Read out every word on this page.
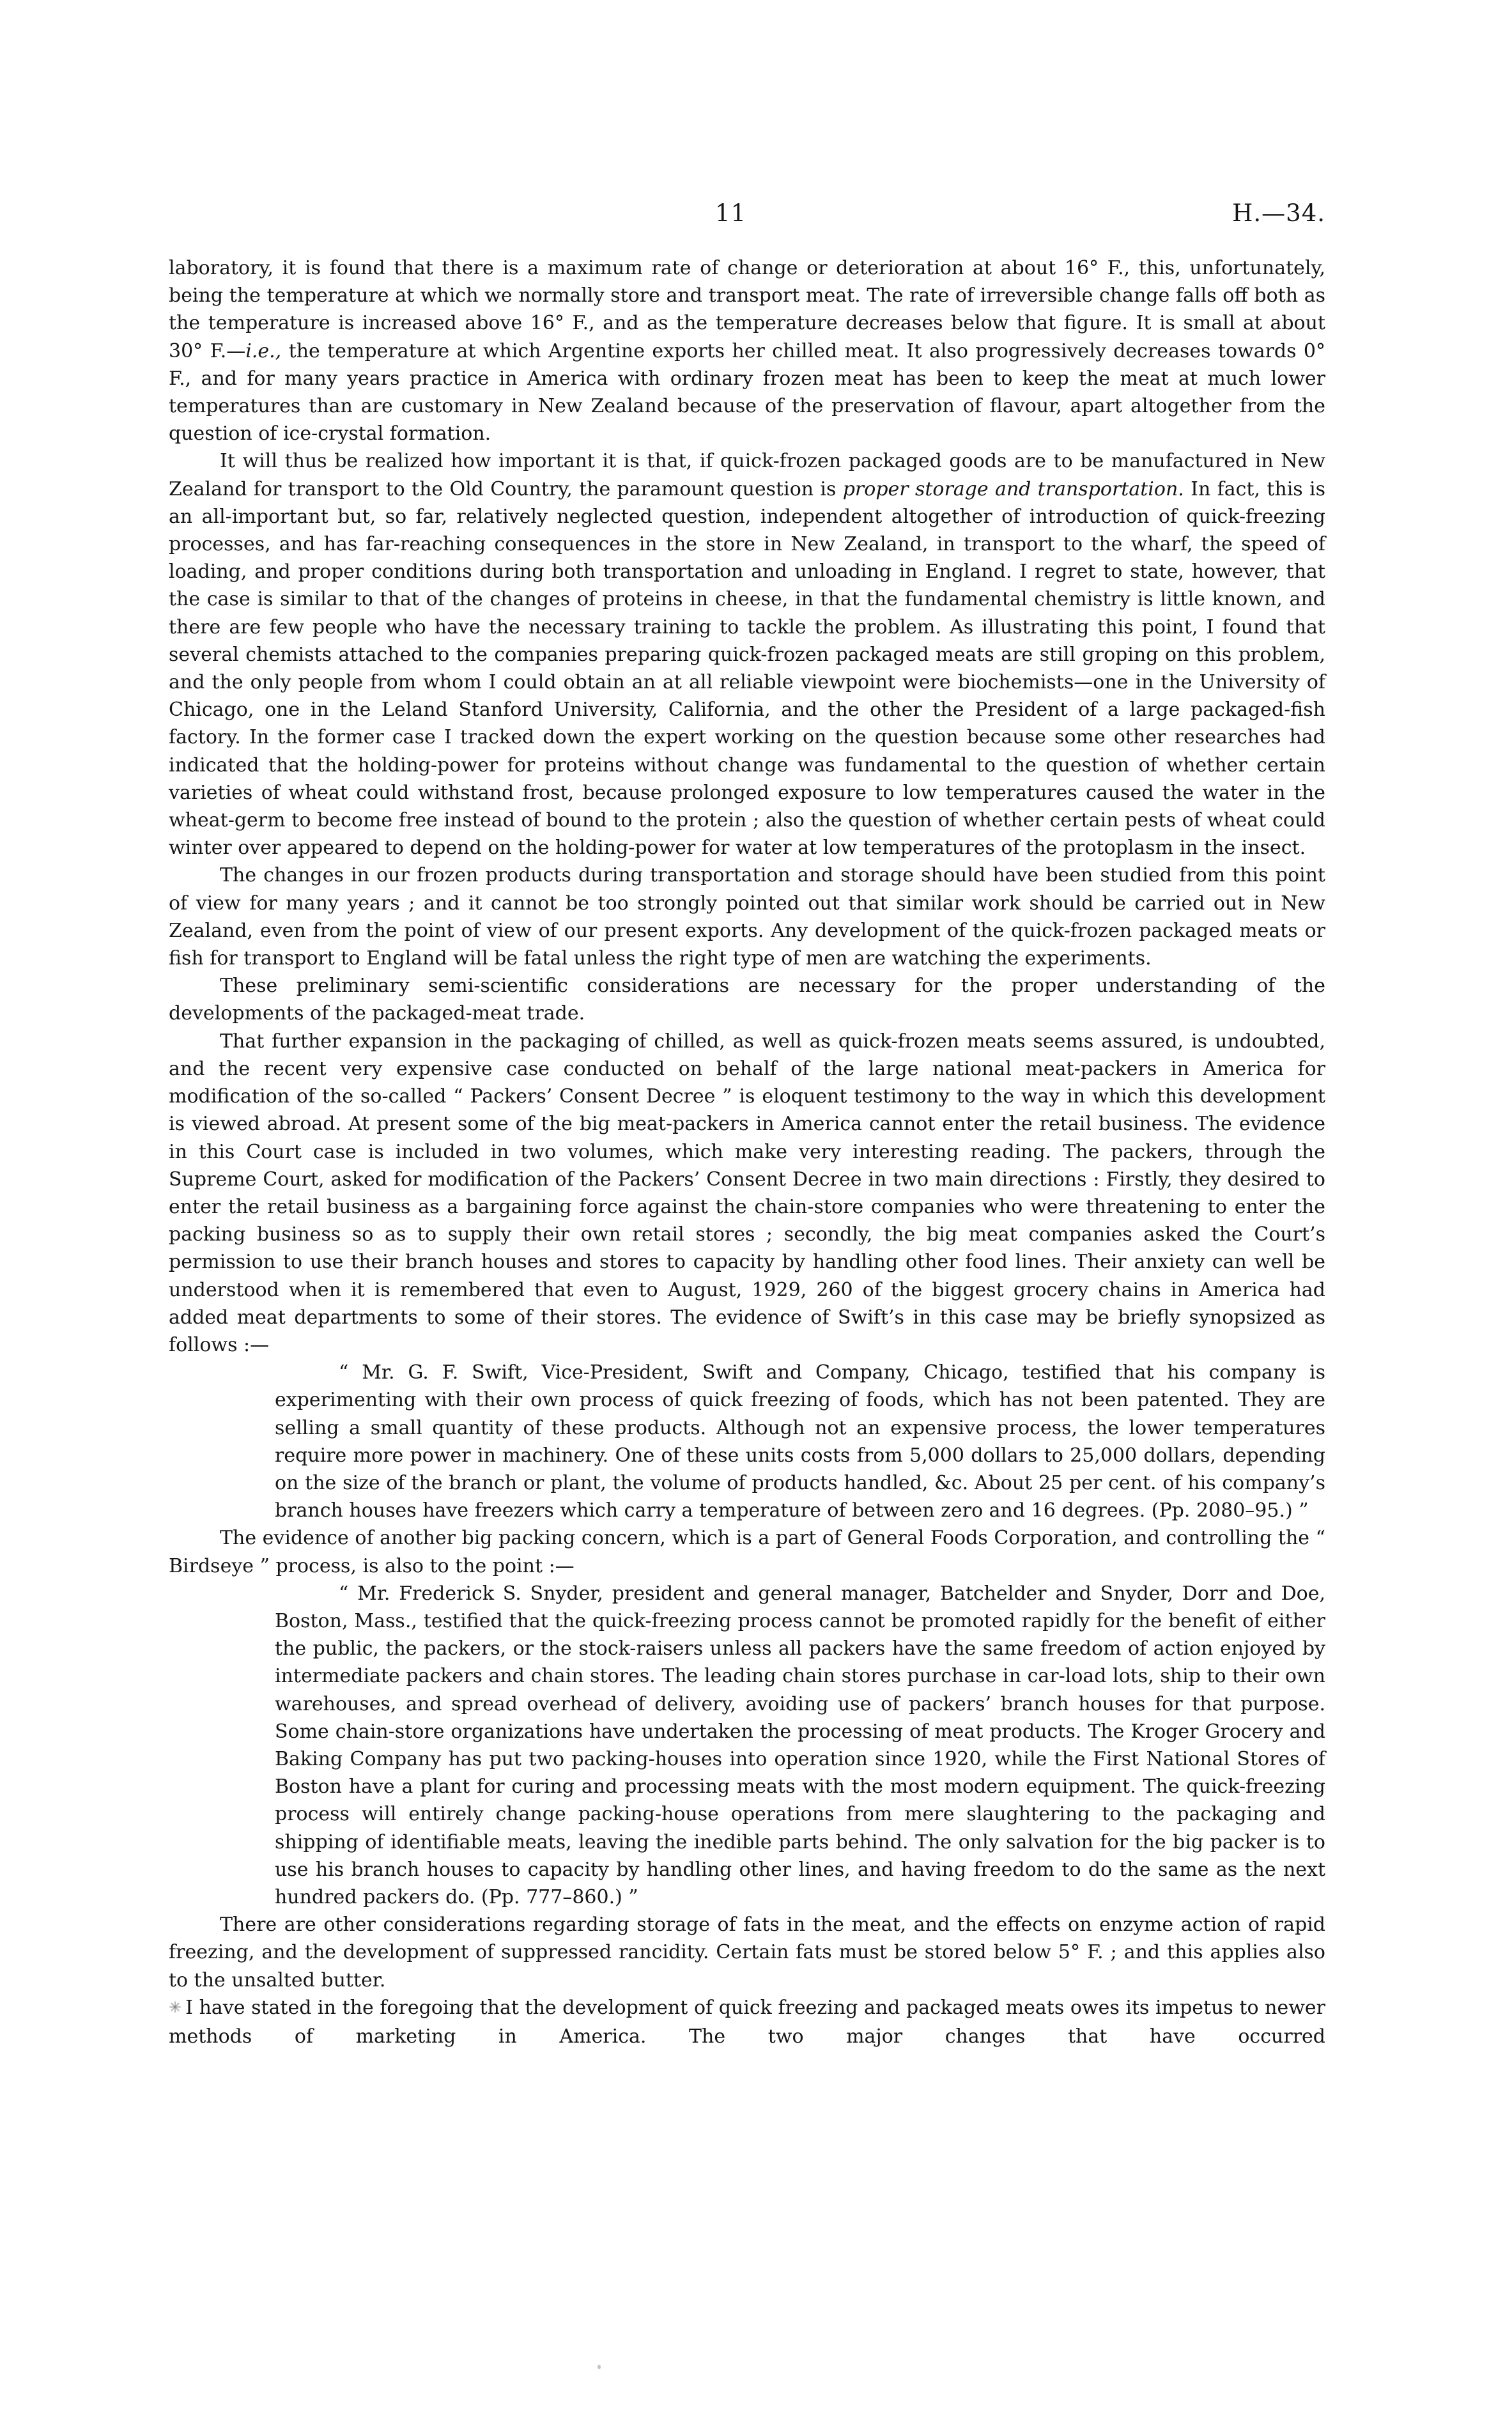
11	H.—34.

laboratory, it is found that there is a maximum rate of change or deterioration at about 16° F., this, unfortunately, being the temperature at which we normally store and transport meat. The rate of irreversible change falls off both as the temperature is increased above 16° F., and as the temperature decreases below that figure. It is small at about 30° F.—i.e., the temperature at which Argentine exports her chilled meat. It also progressively decreases towards 0° F., and for many years practice in America with ordinary frozen meat has been to keep the meat at much lower temperatures than are customary in New Zealand because of the preservation of flavour, apart altogether from the question of ice-crystal formation.

It will thus be realized how important it is that, if quick-frozen packaged goods are to be manufactured in New Zealand for transport to the Old Country, the paramount question is proper storage and transportation. In fact, this is an all-important but, so far, relatively neglected question, independent altogether of introduction of quick-freezing processes, and has far-reaching consequences in the store in New Zealand, in transport to the wharf, the speed of loading, and proper conditions during both transportation and unloading in England. I regret to state, however, that the case is similar to that of the changes of proteins in cheese, in that the fundamental chemistry is little known, and there are few people who have the necessary training to tackle the problem. As illustrating this point, I found that several chemists attached to the companies preparing quick-frozen packaged meats are still groping on this problem, and the only people from whom I could obtain an at all reliable viewpoint were biochemists—one in the University of Chicago, one in the Leland Stanford University, California, and the other the President of a large packaged-fish factory. In the former case I tracked down the expert working on the question because some other researches had indicated that the holding-power for proteins without change was fundamental to the question of whether certain varieties of wheat could withstand frost, because prolonged exposure to low temperatures caused the water in the wheat-germ to become free instead of bound to the protein ; also the question of whether certain pests of wheat could winter over appeared to depend on the holding-power for water at low temperatures of the protoplasm in the insect.

The changes in our frozen products during transportation and storage should have been studied from this point of view for many years ; and it cannot be too strongly pointed out that similar work should be carried out in New Zealand, even from the point of view of our present exports. Any development of the quick-frozen packaged meats or fish for transport to England will be fatal unless the right type of men are watching the experiments.

These preliminary semi-scientific considerations are necessary for the proper understanding of the developments of the packaged-meat trade.

That further expansion in the packaging of chilled, as well as quick-frozen meats seems assured, is undoubted, and the recent very expensive case conducted on behalf of the large national meat-packers in America for modification of the so-called “ Packers’ Consent Decree ” is eloquent testimony to the way in which this development is viewed abroad. At present some of the big meat-packers in America cannot enter the retail business. The evidence in this Court case is included in two volumes, which make very interesting reading. The packers, through the Supreme Court, asked for modification of the Packers’ Consent Decree in two main directions : Firstly, they desired to enter the retail business as a bargaining force against the chain-store companies who were threatening to enter the packing business so as to supply their own retail stores ; secondly, the big meat companies asked the Court’s permission to use their branch houses and stores to capacity by handling other food lines. Their anxiety can well be understood when it is remembered that even to August, 1929, 260 of the biggest grocery chains in America had added meat departments to some of their stores. The evidence of Swift’s in this case may be briefly synopsized as follows :—

“ Mr. G. F. Swift, Vice-President, Swift and Company, Chicago, testified that his company is experimenting with their own process of quick freezing of foods, which has not been patented. They are selling a small quantity of these products. Although not an expensive process, the lower temperatures require more power in machinery. One of these units costs from 5,000 dollars to 25,000 dollars, depending on the size of the branch or plant, the volume of products handled, &c. About 25 per cent. of his company’s branch houses have freezers which carry a temperature of between zero and 16 degrees. (Pp. 2080–95.) ”

The evidence of another big packing concern, which is a part of General Foods Corporation, and controlling the “ Birdseye ” process, is also to the point :—

“ Mr. Frederick S. Snyder, president and general manager, Batchelder and Snyder, Dorr and Doe, Boston, Mass., testified that the quick-freezing process cannot be promoted rapidly for the benefit of either the public, the packers, or the stock-raisers unless all packers have the same freedom of action enjoyed by intermediate packers and chain stores. The leading chain stores purchase in car-load lots, ship to their own warehouses, and spread overhead of delivery, avoiding use of packers’ branch houses for that purpose. Some chain-store organizations have undertaken the processing of meat products. The Kroger Grocery and Baking Company has put two packing-houses into operation since 1920, while the First National Stores of Boston have a plant for curing and processing meats with the most modern equipment. The quick-freezing process will entirely change packing-house operations from mere slaughtering to the packaging and shipping of identifiable meats, leaving the inedible parts behind. The only salvation for the big packer is to use his branch houses to capacity by handling other lines, and having freedom to do the same as the next hundred packers do. (Pp. 777–860.) ”

There are other considerations regarding storage of fats in the meat, and the effects on enzyme action of rapid freezing, and the development of suppressed rancidity. Certain fats must be stored below 5° F. ; and this applies also to the unsalted butter.

✳ I have stated in the foregoing that the development of quick freezing and packaged meats owes its impetus to newer methods of marketing in America. The two major changes that have occurred
